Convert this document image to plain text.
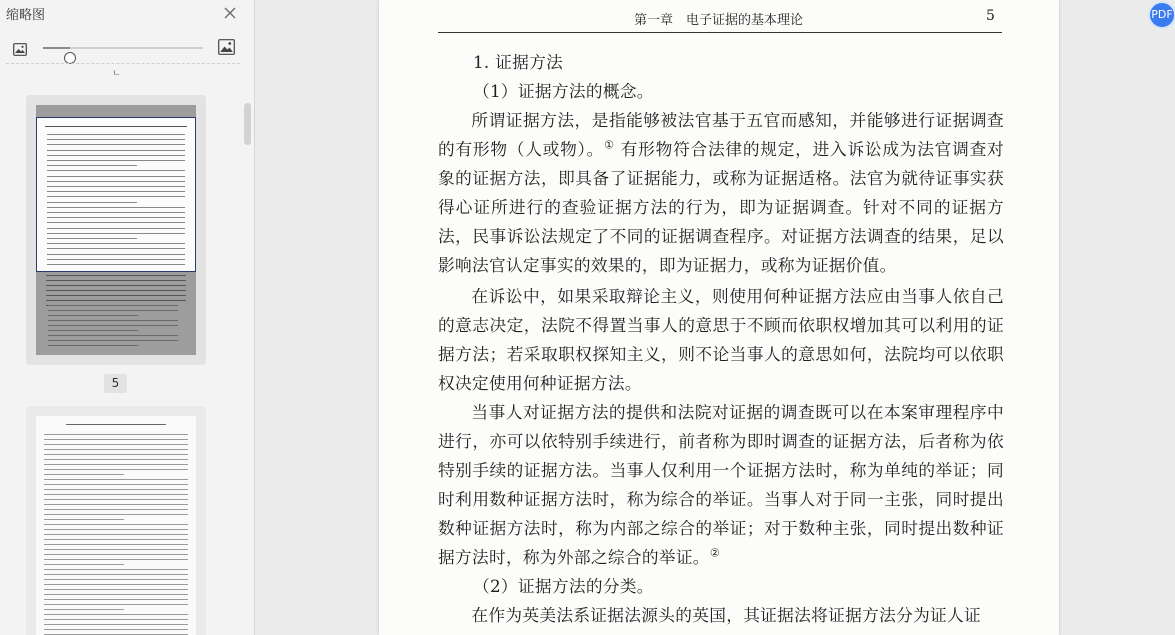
缩略图
ㄴ
5
第一章　电子证据的基本理论	5

1. 证据方法

（1）证据方法的概念。

所谓证据方法，是指能够被法官基于五官而感知，并能够进行证据调查的有形物（人或物）。① 有形物符合法律的规定，进入诉讼成为法官调查对象的证据方法，即具备了证据能力，或称为证据适格。法官为就待证事实获得心证所进行的查验证据方法的行为，即为证据调查。针对不同的证据方法，民事诉讼法规定了不同的证据调查程序。对证据方法调查的结果，足以影响法官认定事实的效果的，即为证据力，或称为证据价值。

在诉讼中，如果采取辩论主义，则使用何种证据方法应由当事人依自己的意志决定，法院不得置当事人的意思于不顾而依职权增加其可以利用的证据方法；若采取职权探知主义，则不论当事人的意思如何，法院均可以依职权决定使用何种证据方法。

当事人对证据方法的提供和法院对证据的调查既可以在本案审理程序中进行，亦可以依特别手续进行，前者称为即时调查的证据方法，后者称为依特别手续的证据方法。当事人仅利用一个证据方法时，称为单纯的举证；同时利用数种证据方法时，称为综合的举证。当事人对于同一主张，同时提出数种证据方法时，称为内部之综合的举证；对于数种主张，同时提出数种证据方法时，称为外部之综合的举证。②

（2）证据方法的分类。

在作为英美法系证据法源头的英国，其证据法将证据方法分为证人证

PDF
